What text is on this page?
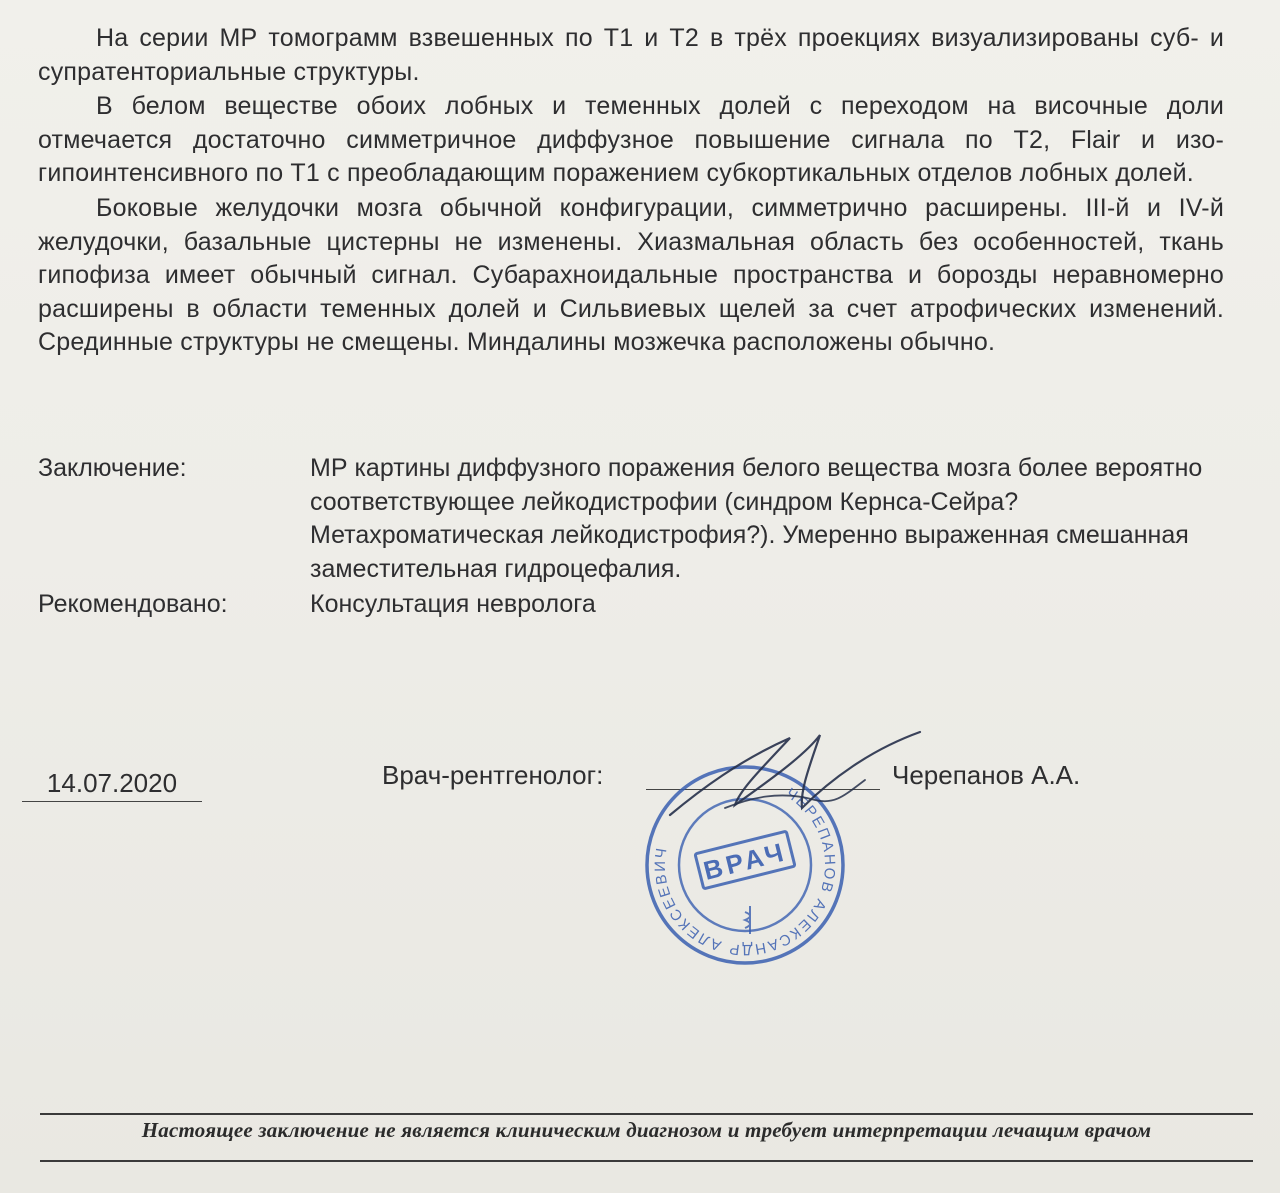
На серии МР томограмм взвешенных по Т1 и Т2 в трёх проекциях визуализированы суб- и супратенториальные структуры.

В белом веществе обоих лобных и теменных долей с переходом на височные доли отмечается достаточно симметричное диффузное повышение сигнала по Т2, Flair и изо-гипоинтенсивного по Т1 с преобладающим поражением субкортикальных отделов лобных долей.

Боковые желудочки мозга обычной конфигурации, симметрично расширены. III-й и IV-й желудочки, базальные цистерны не изменены. Хиазмальная область без особенностей, ткань гипофиза имеет обычный сигнал. Субарахноидальные пространства и борозды неравномерно расширены в области теменных долей и Сильвиевых щелей за счет атрофических изменений. Срединные структуры не смещены. Миндалины мозжечка расположены обычно.

Заключение:	МР картины диффузного поражения белого вещества мозга более вероятно соответствующее лейкодистрофии (синдром Кернса-Сейра? Метахроматическая лейкодистрофия?). Умеренно выраженная смешанная заместительная гидроцефалия.
Рекомендовано:	Консультация невролога
14.07.2020	Врач-рентгенолог:	Черепанов А.А.
ЧЕРЕПАНОВ АЛЕКСАНДР АЛЕКСЕЕВИЧ	ВРАЧ
Настоящее заключение не является клиническим диагнозом и требует интерпретации лечащим врачом
